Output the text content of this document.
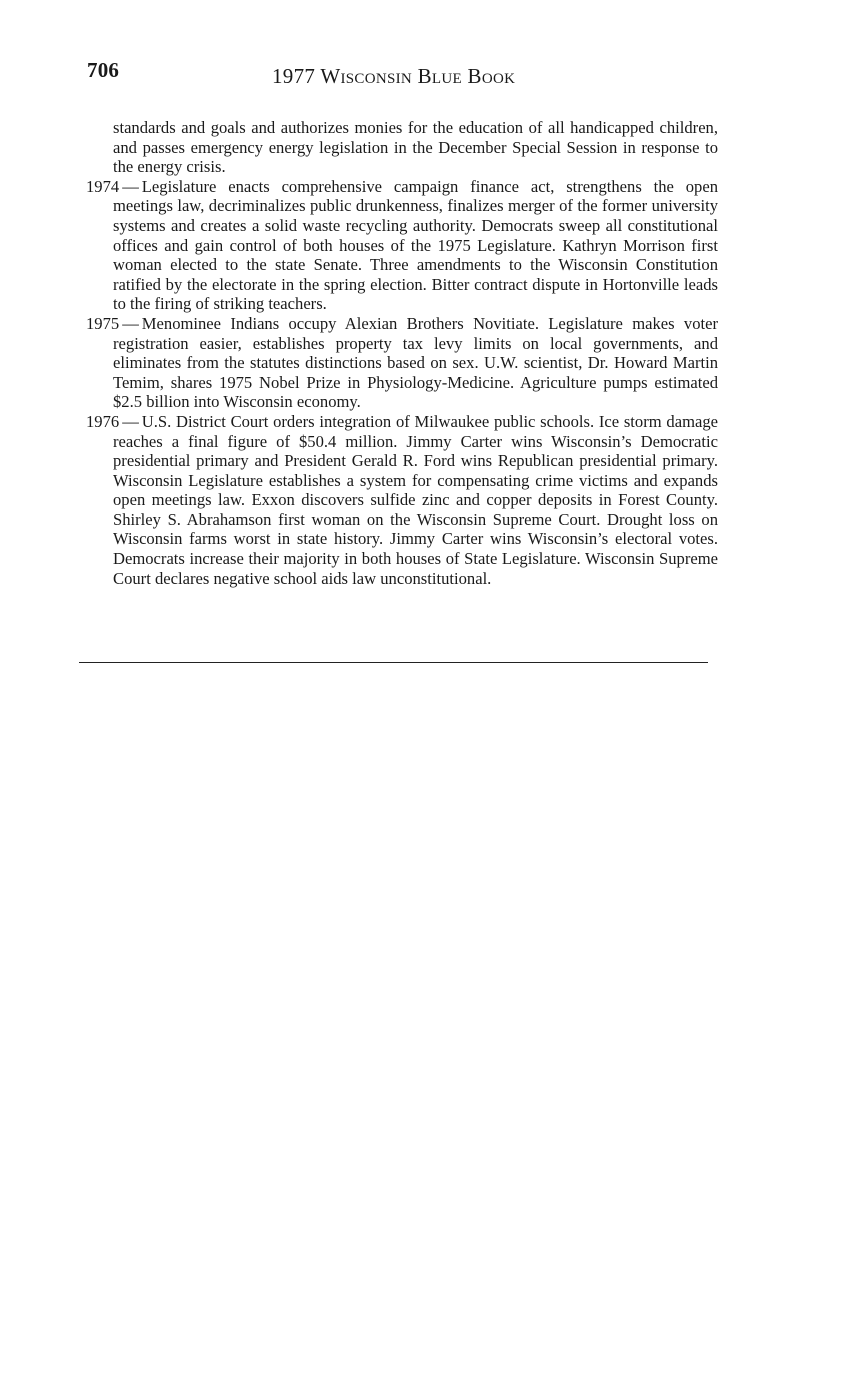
706	1977 Wisconsin Blue Book

standards and goals and authorizes monies for the education of all handicapped children, and passes emergency energy legislation in the December Special Session in response to the energy crisis.

1974 — Legislature enacts comprehensive campaign finance act, strengthens the open meetings law, decriminalizes public drunkenness, finalizes merger of the former university systems and creates a solid waste recycling authority. Democrats sweep all constitutional offices and gain control of both houses of the 1975 Legislature. Kathryn Morrison first woman elected to the state Senate. Three amendments to the Wisconsin Constitution ratified by the electorate in the spring election. Bitter contract dispute in Hortonville leads to the firing of striking teachers.

1975 — Menominee Indians occupy Alexian Brothers Novitiate. Legislature makes voter registration easier, establishes property tax levy limits on local governments, and eliminates from the statutes distinctions based on sex. U.W. scientist, Dr. Howard Martin Temim, shares 1975 Nobel Prize in Physiology-Medicine. Agriculture pumps estimated $2.5 billion into Wisconsin economy.

1976 — U.S. District Court orders integration of Milwaukee public schools. Ice storm damage reaches a final figure of $50.4 million. Jimmy Carter wins Wisconsin’s Democratic presidential primary and President Gerald R. Ford wins Republican presidential primary. Wisconsin Legislature establishes a system for compensating crime victims and expands open meetings law. Exxon discovers sulfide zinc and copper deposits in Forest County. Shirley S. Abrahamson first woman on the Wisconsin Supreme Court. Drought loss on Wisconsin farms worst in state history. Jimmy Carter wins Wisconsin’s electoral votes. Democrats increase their majority in both houses of State Legislature. Wisconsin Supreme Court declares negative school aids law unconstitutional.
